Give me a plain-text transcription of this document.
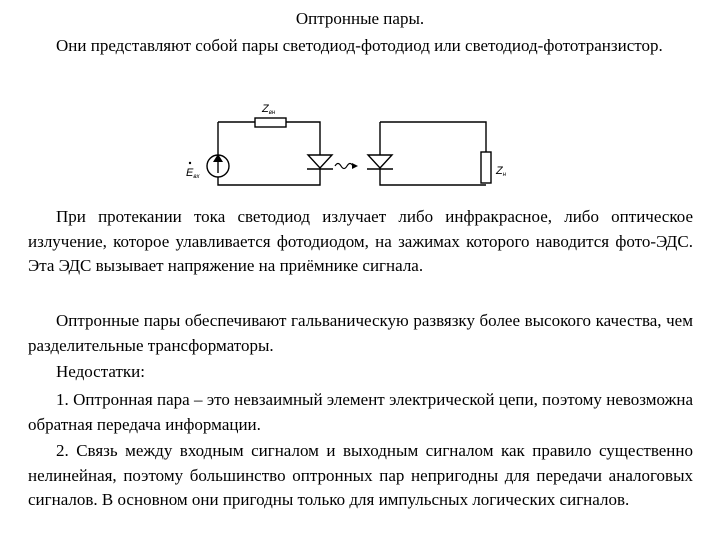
Оптронные пары.

Они представляют собой пары светодиод-фотодиод или светодиод-фототранзистор.

Zвн
Eвх	Zн

При протекании тока светодиод излучает либо инфракрасное, либо оптическое излучение, которое улавливается фотодиодом, на зажимах которого наводится фото-ЭДС. Эта ЭДС вызывает напряжение на приёмнике сигнала.

Оптронные пары обеспечивают гальваническую развязку более высокого качества, чем разделительные трансформаторы.

Недостатки:

1. Оптронная пара – это невзаимный элемент электрической цепи, поэтому невозможна обратная передача информации.

2. Связь между входным сигналом и выходным сигналом как правило существенно нелинейная, поэтому большинство оптронных пар непригодны для передачи аналоговых сигналов. В основном они пригодны только для импульсных логических сигналов.
